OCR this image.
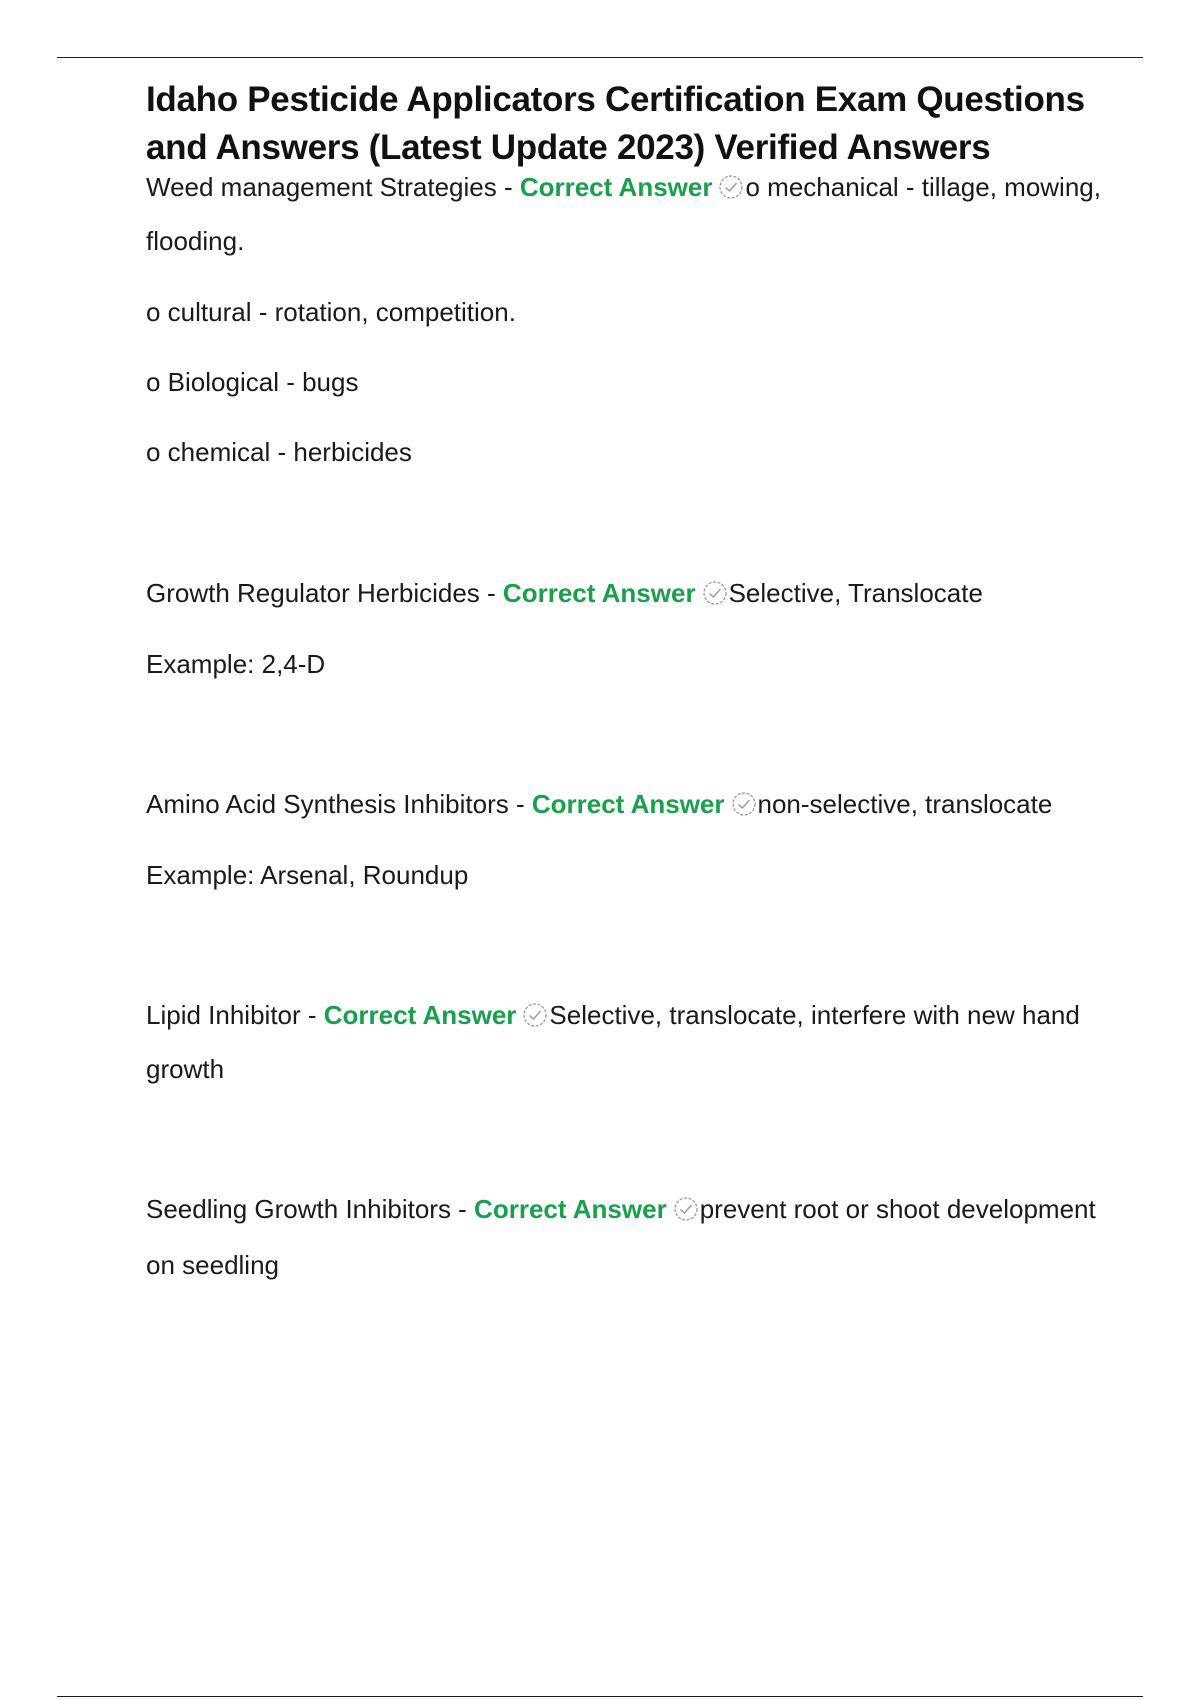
Idaho Pesticide Applicators Certification Exam Questions and Answers (Latest Update 2023) Verified Answers

Weed management Strategies - Correct Answer o mechanical - tillage, mowing, flooding.

o cultural - rotation, competition.

o Biological - bugs

o chemical - herbicides

Growth Regulator Herbicides - Correct Answer Selective, Translocate

Example: 2,4-D

Amino Acid Synthesis Inhibitors - Correct Answer non-selective, translocate

Example: Arsenal, Roundup

Lipid Inhibitor - Correct Answer Selective, translocate, interfere with new hand growth

Seedling Growth Inhibitors - Correct Answer prevent root or shoot development on seedling
